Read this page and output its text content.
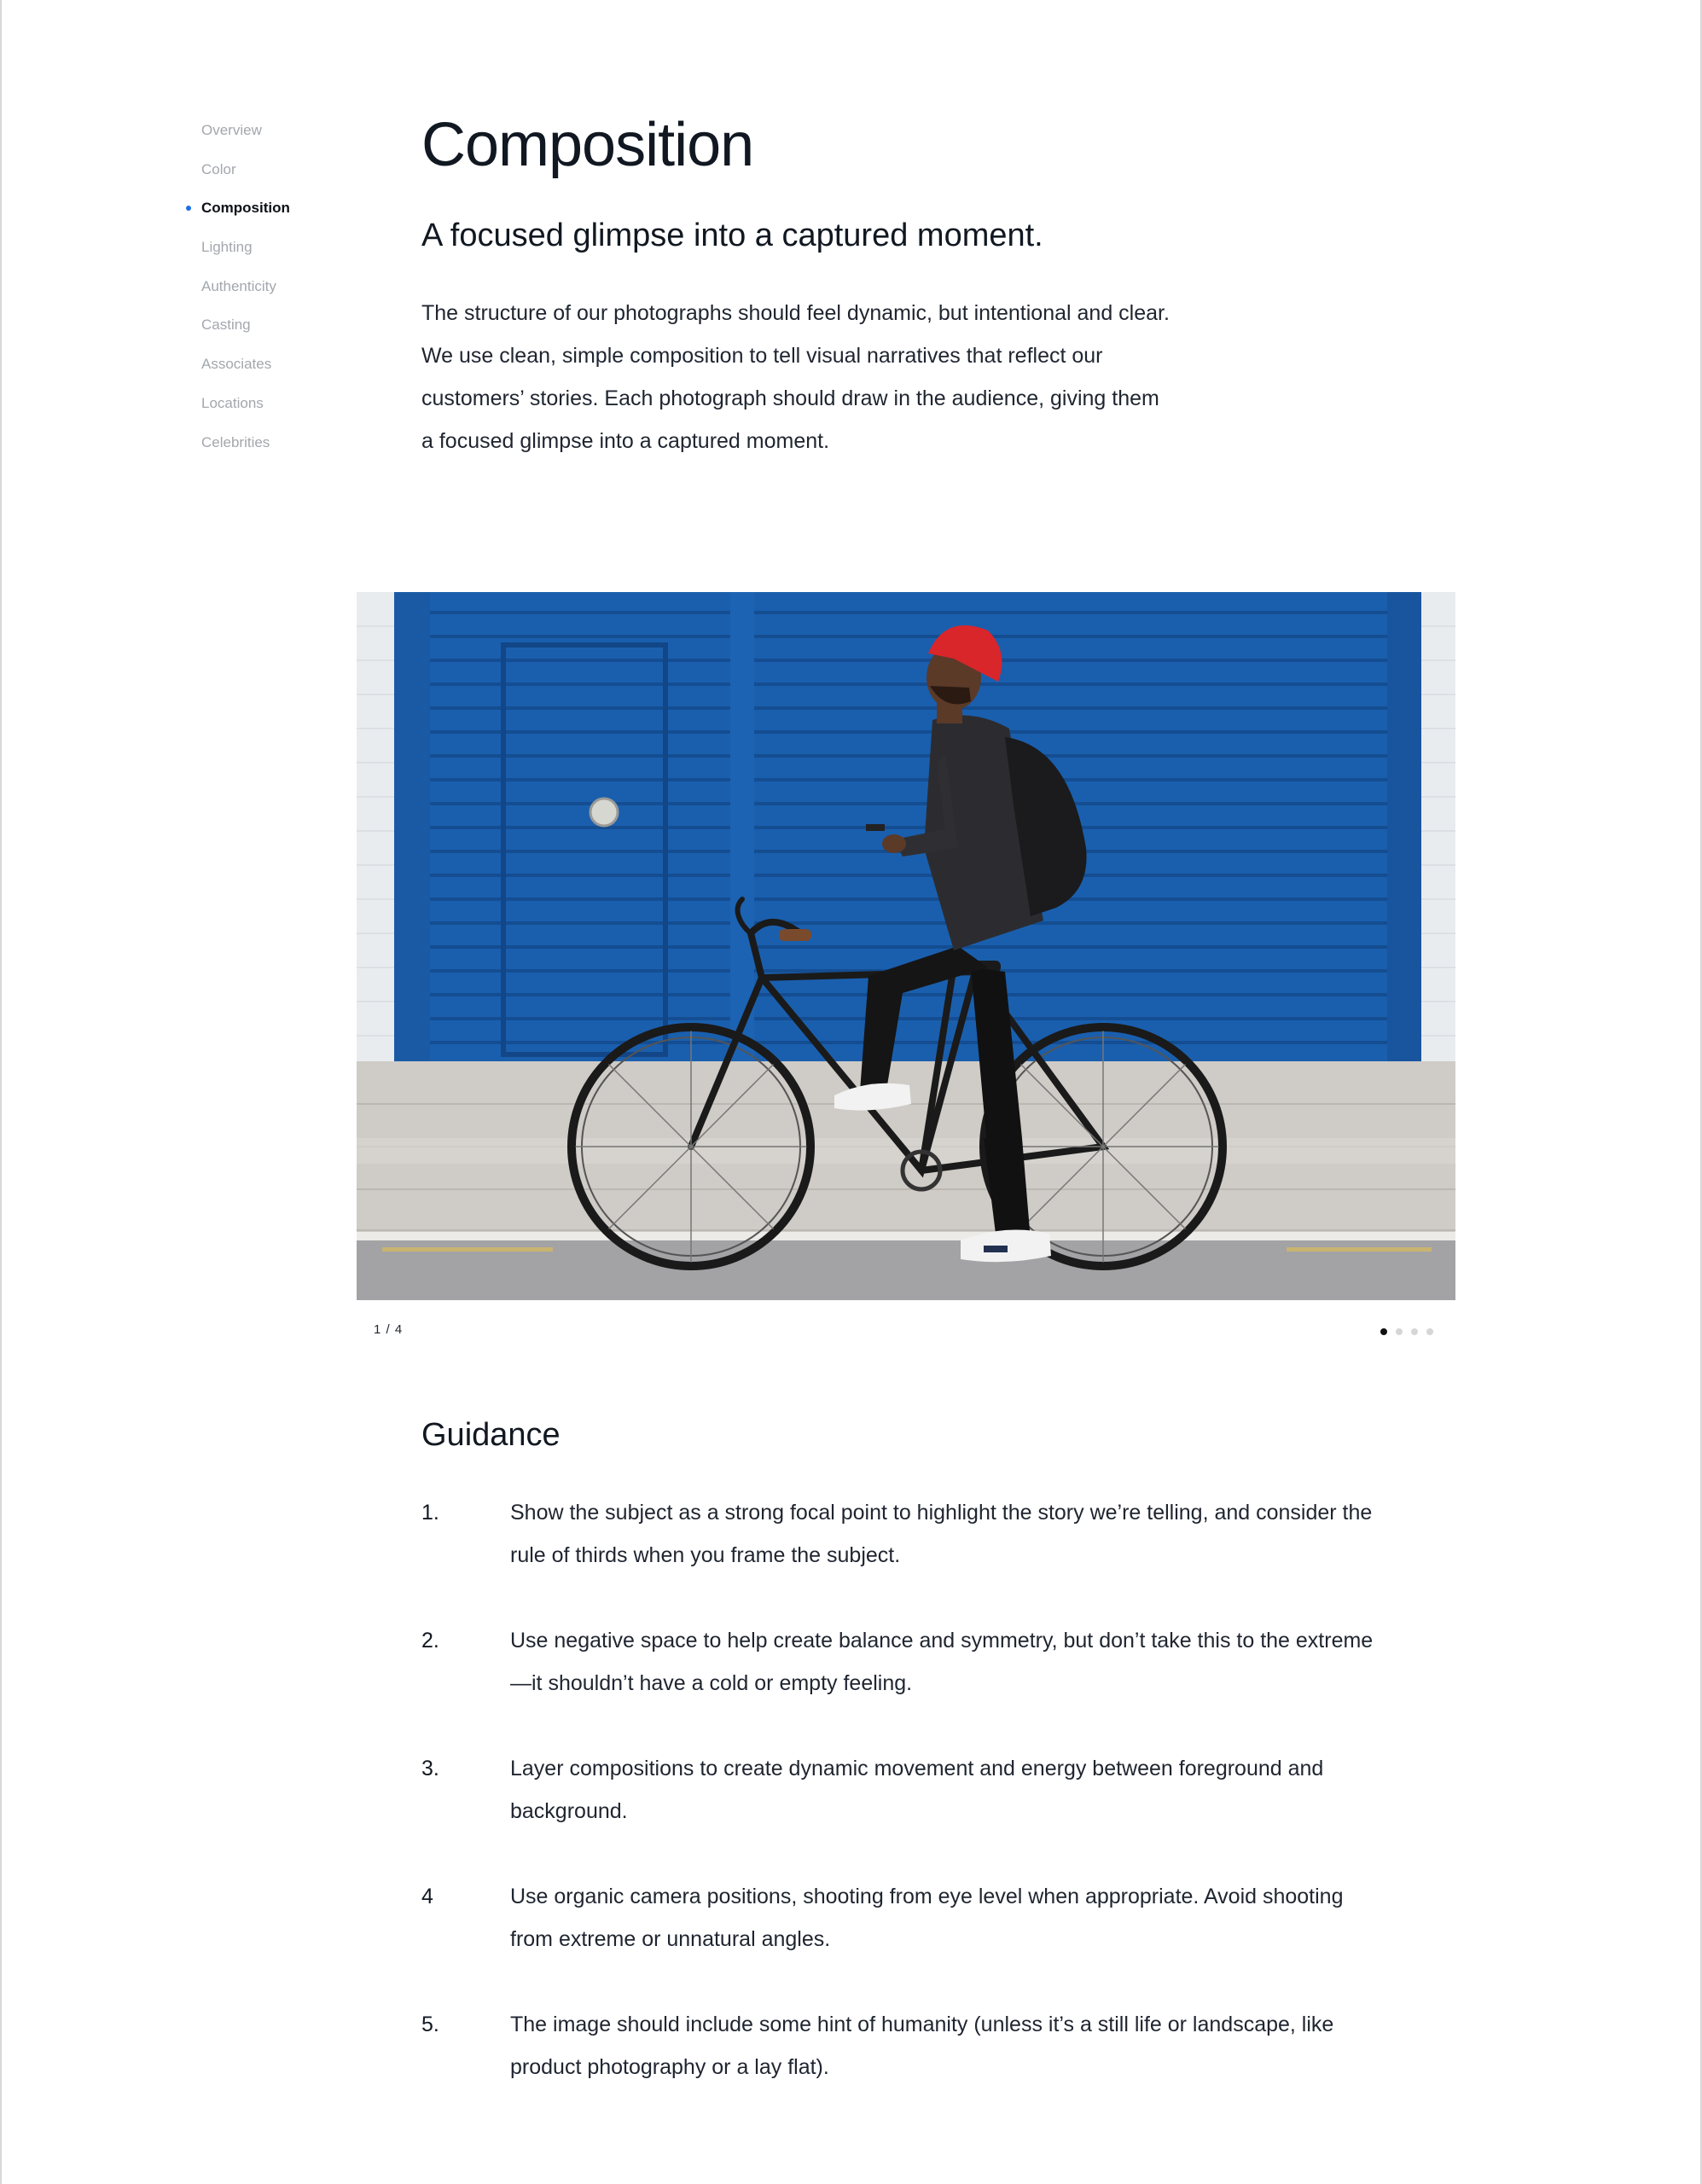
Overview
Color
Composition
Lighting
Authenticity
Casting
Associates
Locations
Celebrities
Composition
A focused glimpse into a captured moment.

The structure of our photographs should feel dynamic, but intentional and clear. We use clean, simple composition to tell visual narratives that reflect our customers’ stories. Each photograph should draw in the audience, giving them a focused glimpse into a captured moment.

1 / 4
Guidance
1.	Show the subject as a strong focal point to highlight the story we’re telling, and consider the rule of thirds when you frame the subject.
2.	Use negative space to help create balance and symmetry, but don’t take this to the extreme—it shouldn’t have a cold or empty feeling.
3.	Layer compositions to create dynamic movement and energy between foreground and background.
4	Use organic camera positions, shooting from eye level when appropriate. Avoid shooting from extreme or unnatural angles.
5.	The image should include some hint of humanity (unless it’s a still life or landscape, like product photography or a lay flat).
